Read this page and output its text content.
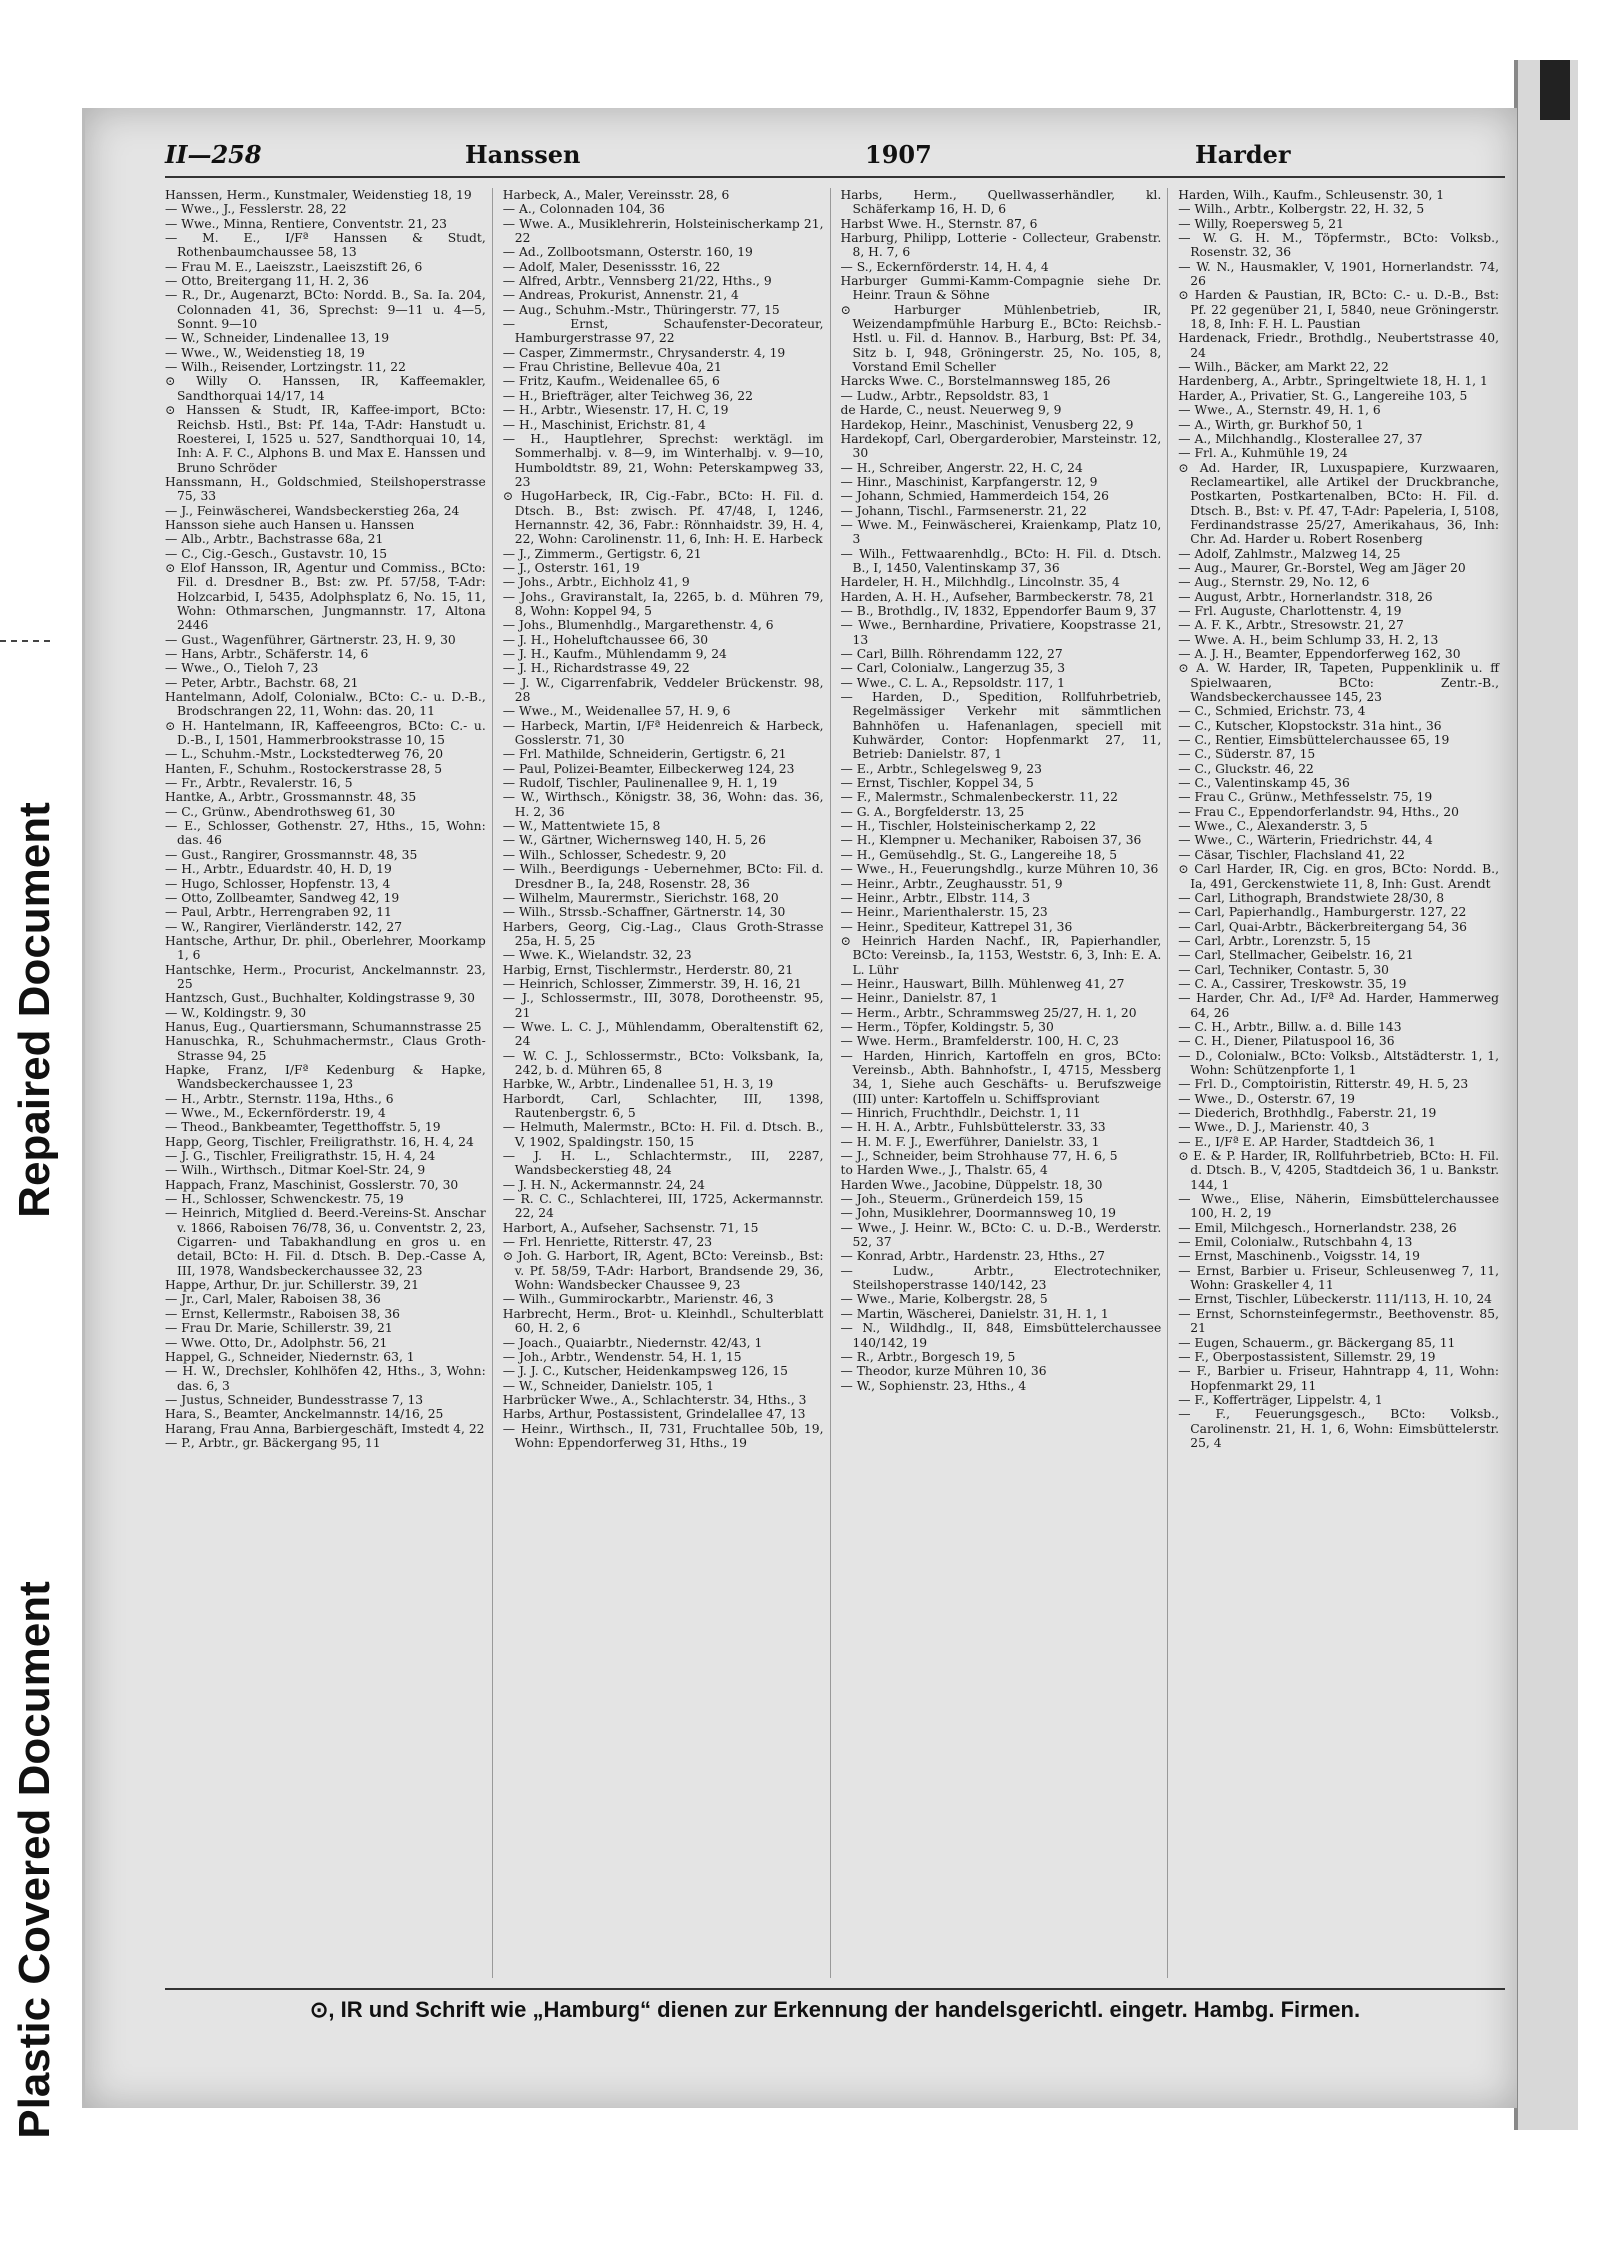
Repaired Document
Plastic Covered Document
II—258	Hanssen	1907	Harder

Hanssen, Herm., Kunstmaler, Weidenstieg 18, 19

— Wwe., J., Fesslerstr. 28, 22

— Wwe., Minna, Rentiere, Conventstr. 21, 23

— M. E., I/Fª Hanssen & Studt, Rothenbaumchaussee 58, 13

— Frau M. E., Laeiszstr., Laeiszstift 26, 6

— Otto, Breitergang 11, H. 2, 36

— R., Dr., Augenarzt, BCto: Nordd. B., Sa. Ia. 204, Colonnaden 41, 36, Sprechst: 9—11 u. 4—5, Sonnt. 9—10

— W., Schneider, Lindenallee 13, 19

— Wwe., W., Weidenstieg 18, 19

— Wilh., Reisender, Lortzingstr. 11, 22

⊙ Willy O. Hanssen, IR, Kaffeemakler, Sandthorquai 14/17, 14

⊙ Hanssen & Studt, IR, Kaffee-import, BCto: Reichsb. Hstl., Bst: Pf. 14a, T-Adr: Hanstudt u. Roesterei, I, 1525 u. 527, Sandthorquai 10, 14, Inh: A. F. C., Alphons B. und Max E. Hanssen und Bruno Schröder

Hanssmann, H., Goldschmied, Steilshoperstrasse 75, 33

— J., Feinwäscherei, Wandsbeckerstieg 26a, 24

Hansson siehe auch Hansen u. Hanssen

— Alb., Arbtr., Bachstrasse 68a, 21

— C., Cig.-Gesch., Gustavstr. 10, 15

⊙ Elof Hansson, IR, Agentur und Commiss., BCto: Fil. d. Dresdner B., Bst: zw. Pf. 57/58, T-Adr: Holzcarbid, I, 5435, Adolphsplatz 6, No. 15, 11, Wohn: Othmarschen, Jungmannstr. 17, Altona 2446

— Gust., Wagenführer, Gärtnerstr. 23, H. 9, 30

— Hans, Arbtr., Schäferstr. 14, 6

— Wwe., O., Tieloh 7, 23

— Peter, Arbtr., Bachstr. 68, 21

Hantelmann, Adolf, Colonialw., BCto: C.- u. D.-B., Brodschrangen 22, 11, Wohn: das. 20, 11

⊙ H. Hantelmann, IR, Kaffeeengros, BCto: C.- u. D.-B., I, 1501, Hammerbrookstrasse 10, 15

— L., Schuhm.-Mstr., Lockstedterweg 76, 20

Hanten, F., Schuhm., Rostockerstrasse 28, 5

— Fr., Arbtr., Revalerstr. 16, 5

Hantke, A., Arbtr., Grossmannstr. 48, 35

— C., Grünw., Abendrothsweg 61, 30

— E., Schlosser, Gothenstr. 27, Hths., 15, Wohn: das. 46

— Gust., Rangirer, Grossmannstr. 48, 35

— H., Arbtr., Eduardstr. 40, H. D, 19

— Hugo, Schlosser, Hopfenstr. 13, 4

— Otto, Zollbeamter, Sandweg 42, 19

— Paul, Arbtr., Herrengraben 92, 11

— W., Rangirer, Vierländerstr. 142, 27

Hantsche, Arthur, Dr. phil., Oberlehrer, Moorkamp 1, 6

Hantschke, Herm., Procurist, Anckelmannstr. 23, 25

Hantzsch, Gust., Buchhalter, Koldingstrasse 9, 30

— W., Koldingstr. 9, 30

Hanus, Eug., Quartiersmann, Schumannstrasse 25

Hanuschka, R., Schuhmachermstr., Claus Groth-Strasse 94, 25

Hapke, Franz, I/Fª Kedenburg & Hapke, Wandsbeckerchaussee 1, 23

— H., Arbtr., Sternstr. 119a, Hths., 6

— Wwe., M., Eckernförderstr. 19, 4

— Theod., Bankbeamter, Tegetthoffstr. 5, 19

Happ, Georg, Tischler, Freiligrathstr. 16, H. 4, 24

— J. G., Tischler, Freiligrathstr. 15, H. 4, 24

— Wilh., Wirthsch., Ditmar Koel-Str. 24, 9

Happach, Franz, Maschinist, Gosslerstr. 70, 30

— H., Schlosser, Schwenckestr. 75, 19

— Heinrich, Mitglied d. Beerd.-Vereins-St. Anschar v. 1866, Raboisen 76/78, 36, u. Conventstr. 2, 23, Cigarren- und Tabakhandlung en gros u. en detail, BCto: H. Fil. d. Dtsch. B. Dep.-Casse A, III, 1978, Wandsbeckerchaussee 32, 23

Happe, Arthur, Dr. jur. Schillerstr. 39, 21

— Jr., Carl, Maler, Raboisen 38, 36

— Ernst, Kellermstr., Raboisen 38, 36

— Frau Dr. Marie, Schillerstr. 39, 21

— Wwe. Otto, Dr., Adolphstr. 56, 21

Happel, G., Schneider, Niedernstr. 63, 1

— H. W., Drechsler, Kohlhöfen 42, Hths., 3, Wohn: das. 6, 3

— Justus, Schneider, Bundesstrasse 7, 13

Hara, S., Beamter, Anckelmannstr. 14/16, 25

Harang, Frau Anna, Barbiergeschäft, Imstedt 4, 22

— P., Arbtr., gr. Bäckergang 95, 11

Harbeck, A., Maler, Vereinsstr. 28, 6

— A., Colonnaden 104, 36

— Wwe. A., Musiklehrerin, Holsteinischerkamp 21, 22

— Ad., Zollbootsmann, Osterstr. 160, 19

— Adolf, Maler, Desenissstr. 16, 22

— Alfred, Arbtr., Vennsberg 21/22, Hths., 9

— Andreas, Prokurist, Annenstr. 21, 4

— Aug., Schuhm.-Mstr., Thüringerstr. 77, 15

— Ernst, Schaufenster-Decorateur, Hamburgerstrasse 97, 22

— Casper, Zimmermstr., Chrysanderstr. 4, 19

— Frau Christine, Bellevue 40a, 21

— Fritz, Kaufm., Weidenallee 65, 6

— H., Briefträger, alter Teichweg 36, 22

— H., Arbtr., Wiesenstr. 17, H. C, 19

— H., Maschinist, Erichstr. 81, 4

— H., Hauptlehrer, Sprechst: werktägl. im Sommerhalbj. v. 8—9, im Winterhalbj. v. 9—10, Humboldtstr. 89, 21, Wohn: Peterskampweg 33, 23

⊙ HugoHarbeck, IR, Cig.-Fabr., BCto: H. Fil. d. Dtsch. B., Bst: zwisch. Pf. 47/48, I, 1246, Hernannstr. 42, 36, Fabr.: Rönnhaidstr. 39, H. 4, 22, Wohn: Carolinenstr. 11, 6, Inh: H. E. Harbeck

— J., Zimmerm., Gertigstr. 6, 21

— J., Osterstr. 161, 19

— Johs., Arbtr., Eichholz 41, 9

— Johs., Graviranstalt, Ia, 2265, b. d. Mühren 79, 8, Wohn: Koppel 94, 5

— Johs., Blumenhdlg., Margarethenstr. 4, 6

— J. H., Hoheluftchaussee 66, 30

— J. H., Kaufm., Mühlendamm 9, 24

— J. H., Richardstrasse 49, 22

— J. W., Cigarrenfabrik, Veddeler Brückenstr. 98, 28

— Wwe., M., Weidenallee 57, H. 9, 6

— Harbeck, Martin, I/Fª Heidenreich & Harbeck, Gosslerstr. 71, 30

— Frl. Mathilde, Schneiderin, Gertigstr. 6, 21

— Paul, Polizei-Beamter, Eilbeckerweg 124, 23

— Rudolf, Tischler, Paulinenallee 9, H. 1, 19

— W., Wirthsch., Königstr. 38, 36, Wohn: das. 36, H. 2, 36

— W., Mattentwiete 15, 8

— W., Gärtner, Wichernsweg 140, H. 5, 26

— Wilh., Schlosser, Schedestr. 9, 20

— Wilh., Beerdigungs - Uebernehmer, BCto: Fil. d. Dresdner B., Ia, 248, Rosenstr. 28, 36

— Wilhelm, Maurermstr., Sierichstr. 168, 20

— Wilh., Strssb.-Schaffner, Gärtnerstr. 14, 30

Harbers, Georg, Cig.-Lag., Claus Groth-Strasse 25a, H. 5, 25

— Wwe. K., Wielandstr. 32, 23

Harbig, Ernst, Tischlermstr., Herderstr. 80, 21

— Heinrich, Schlosser, Zimmerstr. 39, H. 16, 21

— J., Schlossermstr., III, 3078, Dorotheenstr. 95, 21

— Wwe. L. C. J., Mühlendamm, Oberaltenstift 62, 24

— W. C. J., Schlossermstr., BCto: Volksbank, Ia, 242, b. d. Mühren 65, 8

Harbke, W., Arbtr., Lindenallee 51, H. 3, 19

Harbordt, Carl, Schlachter, III, 1398, Rautenbergstr. 6, 5

— Helmuth, Malermstr., BCto: H. Fil. d. Dtsch. B., V, 1902, Spaldingstr. 150, 15

— J. H. L., Schlachtermstr., III, 2287, Wandsbeckerstieg 48, 24

— J. H. N., Ackermannstr. 24, 24

— R. C. C., Schlachterei, III, 1725, Ackermannstr. 22, 24

Harbort, A., Aufseher, Sachsenstr. 71, 15

— Frl. Henriette, Ritterstr. 47, 23

⊙ Joh. G. Harbort, IR, Agent, BCto: Vereinsb., Bst: v. Pf. 58/59, T-Adr: Harbort, Brandsende 29, 36, Wohn: Wandsbecker Chaussee 9, 23

— Wilh., Gummirockarbtr., Marienstr. 46, 3

Harbrecht, Herm., Brot- u. Kleinhdl., Schulterblatt 60, H. 2, 6

— Joach., Quaiarbtr., Niedernstr. 42/43, 1

— Joh., Arbtr., Wendenstr. 54, H. 1, 15

— J. J. C., Kutscher, Heidenkampsweg 126, 15

— W., Schneider, Danielstr. 105, 1

Harbrücker Wwe., A., Schlachterstr. 34, Hths., 3

Harbs, Arthur, Postassistent, Grindelallee 47, 13

— Heinr., Wirthsch., II, 731, Fruchtallee 50b, 19, Wohn: Eppendorferweg 31, Hths., 19

Harbs, Herm., Quellwasserhändler, kl. Schäferkamp 16, H. D, 6

Harbst Wwe. H., Sternstr. 87, 6

Harburg, Philipp, Lotterie - Collecteur, Grabenstr. 8, H. 7, 6

— S., Eckernförderstr. 14, H. 4, 4

Harburger Gummi-Kamm-Compagnie siehe Dr. Heinr. Traun & Söhne

⊙ Harburger Mühlenbetrieb, IR, Weizendampfmühle Harburg E., BCto: Reichsb.-Hstl. u. Fil. d. Hannov. B., Harburg, Bst: Pf. 34, Sitz b. I, 948, Gröningerstr. 25, No. 105, 8, Vorstand Emil Scheller

Harcks Wwe. C., Borstelmannsweg 185, 26

— Ludw., Arbtr., Repsoldstr. 83, 1

de Harde, C., neust. Neuerweg 9, 9

Hardekop, Heinr., Maschinist, Venusberg 22, 9

Hardekopf, Carl, Obergarderobier, Marsteinstr. 12, 30

— H., Schreiber, Angerstr. 22, H. C, 24

— Hinr., Maschinist, Karpfangerstr. 12, 9

— Johann, Schmied, Hammerdeich 154, 26

— Johann, Tischl., Farmsenerstr. 21, 22

— Wwe. M., Feinwäscherei, Kraienkamp, Platz 10, 3

— Wilh., Fettwaarenhdlg., BCto: H. Fil. d. Dtsch. B., I, 1450, Valentinskamp 37, 36

Hardeler, H. H., Milchhdlg., Lincolnstr. 35, 4

Harden, A. H. H., Aufseher, Barmbeckerstr. 78, 21

— B., Brothdlg., IV, 1832, Eppendorfer Baum 9, 37

— Wwe., Bernhardine, Privatiere, Koopstrasse 21, 13

— Carl, Billh. Röhrendamm 122, 27

— Carl, Colonialw., Langerzug 35, 3

— Wwe., C. L. A., Repsoldstr. 117, 1

— Harden, D., Spedition, Rollfuhrbetrieb, Regelmässiger Verkehr mit sämmtlichen Bahnhöfen u. Hafenanlagen, speciell mit Kuhwärder, Contor: Hopfenmarkt 27, 11, Betrieb: Danielstr. 87, 1

— E., Arbtr., Schlegelsweg 9, 23

— Ernst, Tischler, Koppel 34, 5

— F., Malermstr., Schmalenbeckerstr. 11, 22

— G. A., Borgfelderstr. 13, 25

— H., Tischler, Holsteinischerkamp 2, 22

— H., Klempner u. Mechaniker, Raboisen 37, 36

— H., Gemüsehdlg., St. G., Langereihe 18, 5

— Wwe., H., Feuerungshdlg., kurze Mühren 10, 36

— Heinr., Arbtr., Zeughausstr. 51, 9

— Heinr., Arbtr., Elbstr. 114, 3

— Heinr., Marienthalerstr. 15, 23

— Heinr., Spediteur, Kattrepel 31, 36

⊙ Heinrich Harden Nachf., IR, Papierhandler, BCto: Vereinsb., Ia, 1153, Weststr. 6, 3, Inh: E. A. L. Lühr

— Heinr., Hauswart, Billh. Mühlenweg 41, 27

— Heinr., Danielstr. 87, 1

— Herm., Arbtr., Schrammsweg 25/27, H. 1, 20

— Herm., Töpfer, Koldingstr. 5, 30

— Wwe. Herm., Bramfelderstr. 100, H. C, 23

— Harden, Hinrich, Kartoffeln en gros, BCto: Vereinsb., Abth. Bahnhofstr., I, 4715, Messberg 34, 1, Siehe auch Geschäfts- u. Berufszweige (III) unter: Kartoffeln u. Schiffsproviant

— Hinrich, Fruchthdlr., Deichstr. 1, 11

— H. H. A., Arbtr., Fuhlsbüttelerstr. 33, 33

— H. M. F. J., Ewerführer, Danielstr. 33, 1

— J., Schneider, beim Strohhause 77, H. 6, 5

to Harden Wwe., J., Thalstr. 65, 4

Harden Wwe., Jacobine, Düppelstr. 18, 30

— Joh., Steuerm., Grünerdeich 159, 15

— John, Musiklehrer, Doormannsweg 10, 19

— Wwe., J. Heinr. W., BCto: C. u. D.-B., Werderstr. 52, 37

— Konrad, Arbtr., Hardenstr. 23, Hths., 27

— Ludw., Arbtr., Electrotechniker, Steilshoperstrasse 140/142, 23

— Wwe., Marie, Kolbergstr. 28, 5

— Martin, Wäscherei, Danielstr. 31, H. 1, 1

— N., Wildhdlg., II, 848, Eimsbüttelerchaussee 140/142, 19

— R., Arbtr., Borgesch 19, 5

— Theodor, kurze Mühren 10, 36

— W., Sophienstr. 23, Hths., 4

Harden, Wilh., Kaufm., Schleusenstr. 30, 1

— Wilh., Arbtr., Kolbergstr. 22, H. 32, 5

— Willy, Roepersweg 5, 21

— W. G. H. M., Töpfermstr., BCto: Volksb., Rosenstr. 32, 36

— W. N., Hausmakler, V, 1901, Hornerlandstr. 74, 26

⊙ Harden & Paustian, IR, BCto: C.- u. D.-B., Bst: Pf. 22 gegenüber 21, I, 5840, neue Gröningerstr. 18, 8, Inh: F. H. L. Paustian

Hardenack, Friedr., Brothdlg., Neubertstrasse 40, 24

— Wilh., Bäcker, am Markt 22, 22

Hardenberg, A., Arbtr., Springeltwiete 18, H. 1, 1

Harder, A., Privatier, St. G., Langereihe 103, 5

— Wwe., A., Sternstr. 49, H. 1, 6

— A., Wirth, gr. Burkhof 50, 1

— A., Milchhandlg., Klosterallee 27, 37

— Frl. A., Kuhmühle 19, 24

⊙ Ad. Harder, IR, Luxuspapiere, Kurzwaaren, Reclameartikel, alle Artikel der Druckbranche, Postkarten, Postkartenalben, BCto: H. Fil. d. Dtsch. B., Bst: v. Pf. 47, T-Adr: Papeleria, I, 5108, Ferdinandstrasse 25/27, Amerikahaus, 36, Inh: Chr. Ad. Harder u. Robert Rosenberg

— Adolf, Zahlmstr., Malzweg 14, 25

— Aug., Maurer, Gr.-Borstel, Weg am Jäger 20

— Aug., Sternstr. 29, No. 12, 6

— August, Arbtr., Hornerlandstr. 318, 26

— Frl. Auguste, Charlottenstr. 4, 19

— A. F. K., Arbtr., Stresowstr. 21, 27

— Wwe. A. H., beim Schlump 33, H. 2, 13

— A. J. H., Beamter, Eppendorferweg 162, 30

⊙ A. W. Harder, IR, Tapeten, Puppenklinik u. ff Spielwaaren, BCto: Zentr.-B., Wandsbeckerchaussee 145, 23

— C., Schmied, Erichstr. 73, 4

— C., Kutscher, Klopstockstr. 31a hint., 36

— C., Rentier, Eimsbüttelerchaussee 65, 19

— C., Süderstr. 87, 15

— C., Gluckstr. 46, 22

— C., Valentinskamp 45, 36

— Frau C., Grünw., Methfesselstr. 75, 19

— Frau C., Eppendorferlandstr. 94, Hths., 20

— Wwe., C., Alexanderstr. 3, 5

— Wwe., C., Wärterin, Friedrichstr. 44, 4

— Cäsar, Tischler, Flachsland 41, 22

⊙ Carl Harder, IR, Cig. en gros, BCto: Nordd. B., Ia, 491, Gerckenstwiete 11, 8, Inh: Gust. Arendt

— Carl, Lithograph, Brandstwiete 28/30, 8

— Carl, Papierhandlg., Hamburgerstr. 127, 22

— Carl, Quai-Arbtr., Bäckerbreitergang 54, 36

— Carl, Arbtr., Lorenzstr. 5, 15

— Carl, Stellmacher, Geibelstr. 16, 21

— Carl, Techniker, Contastr. 5, 30

— C. A., Cassirer, Treskowstr. 35, 19

— Harder, Chr. Ad., I/Fª Ad. Harder, Hammerweg 64, 26

— C. H., Arbtr., Billw. a. d. Bille 143

— C. H., Diener, Pilatuspool 16, 36

— D., Colonialw., BCto: Volksb., Altstädterstr. 1, 1, Wohn: Schützenpforte 1, 1

— Frl. D., Comptoiristin, Ritterstr. 49, H. 5, 23

— Wwe., D., Osterstr. 67, 19

— Diederich, Brothhdlg., Faberstr. 21, 19

— Wwe., D. J., Marienstr. 40, 3

— E., I/Fª E. AP. Harder, Stadtdeich 36, 1

⊙ E. & P. Harder, IR, Rollfuhrbetrieb, BCto: H. Fil. d. Dtsch. B., V, 4205, Stadtdeich 36, 1 u. Bankstr. 144, 1

— Wwe., Elise, Näherin, Eimsbüttelerchaussee 100, H. 2, 19

— Emil, Milchgesch., Hornerlandstr. 238, 26

— Emil, Colonialw., Rutschbahn 4, 13

— Ernst, Maschinenb., Voigsstr. 14, 19

— Ernst, Barbier u. Friseur, Schleusenweg 7, 11, Wohn: Graskeller 4, 11

— Ernst, Tischler, Lübeckerstr. 111/113, H. 10, 24

— Ernst, Schornsteinfegermstr., Beethovenstr. 85, 21

— Eugen, Schauerm., gr. Bäckergang 85, 11

— F., Oberpostassistent, Sillemstr. 29, 19

— F., Barbier u. Friseur, Hahntrapp 4, 11, Wohn: Hopfenmarkt 29, 11

— F., Kofferträger, Lippelstr. 4, 1

— F., Feuerungsgesch., BCto: Volksb., Carolinenstr. 21, H. 1, 6, Wohn: Eimsbüttelerstr. 25, 4

⊙, IR und Schrift wie „Hamburg“ dienen zur Erkennung der handelsgerichtl. eingetr. Hambg. Firmen.
